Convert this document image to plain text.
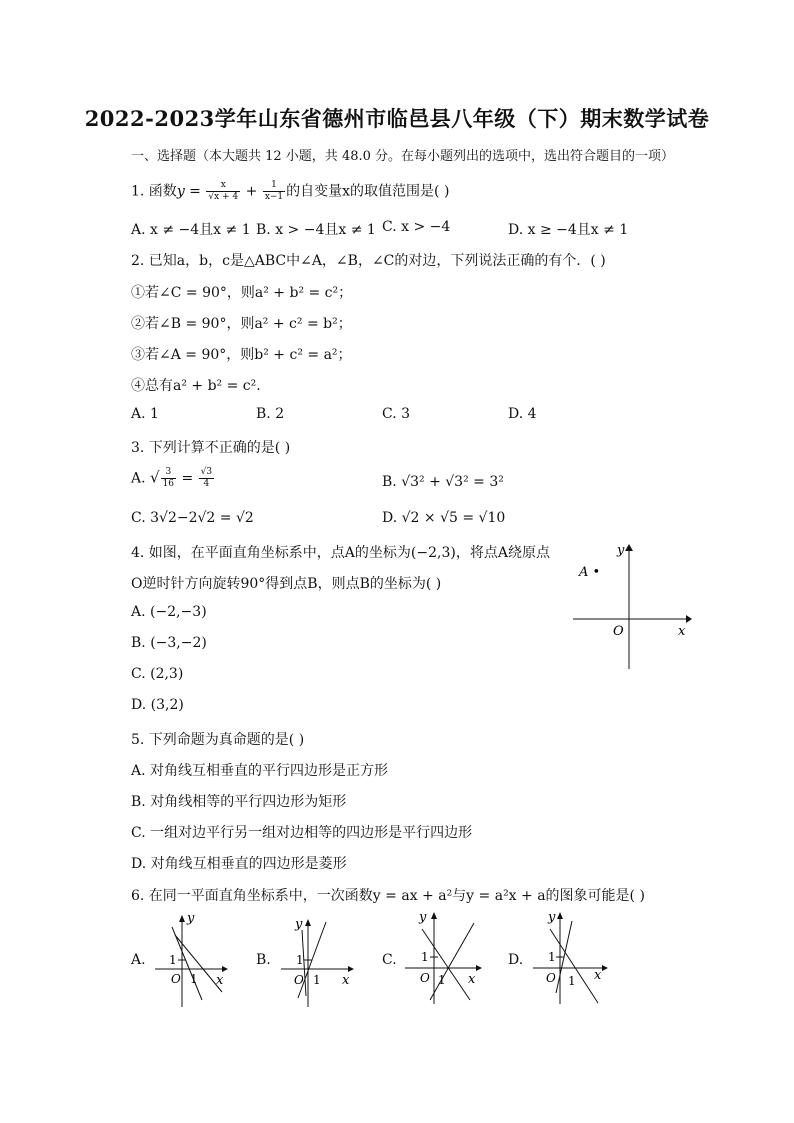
2022-2023学年山东省德州市临邑县八年级（下）期末数学试卷
一、选择题（本大题共 12 小题，共 48.0 分。在每小题列出的选项中，选出符合题目的一项）
1. 函数$y = \frac{x}{√x + 4} + \frac{1}{x-1}$ 的自变量x的取值范围是( )
A. x ≠ −4且x ≠ 1 B. x > −4且x ≠ 1 C. x > −4	D. x ≥ −4且x ≠ 1
2. 已知a，b，c是△ABC中∠A，∠B，∠C的对边，下列说法正确的有个．( )
①若∠C = 90°，则a² + b² = c²；
②若∠B = 90°，则a² + c² = b²；
③若∠A = 90°，则b² + c² = a²；
④总有a² + b² = c².
A. 1	B. 2	C. 3	D. 4
3. 下列计算不正确的是( )
A. √ $\frac{3}{16} = \frac{√3}{4}$	B. √3² + √3² = 3²
C. 3√2−2√2 = √2	D. √2 × √5 = √10
4. 如图，在平面直角坐标系中，点A的坐标为(−2,3)，将点A绕原点
O逆时针方向旋转90°得到点B，则点B的坐标为( )
A. (−2,−3)
B. (−3,−2)
C. (2,3)
D. (3,2)
y
x
O
A •
5. 下列命题为真命题的是( )
A. 对角线互相垂直的平行四边形是正方形
B. 对角线相等的平行四边形为矩形
C. 一组对边平行另一组对边相等的四边形是平行四边形
D. 对角线互相垂直的四边形是菱形
6. 在同一平面直角坐标系中，一次函数y = ax + a²与y = a²x + a的图象可能是( )
A.
y
x
O
1
1
B.
y
x
O
1
1
C.
y
x
O
1
1
D.
y
x
O
1
1
